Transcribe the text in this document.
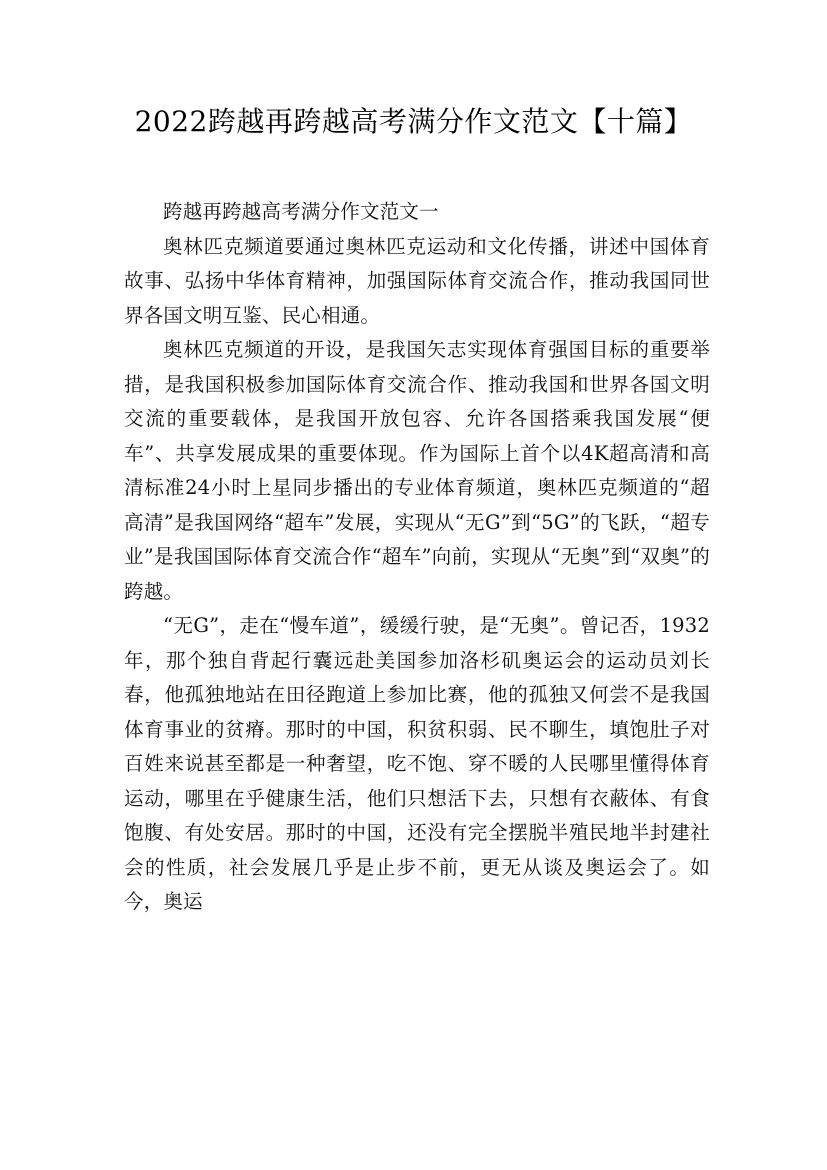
2022跨越再跨越高考满分作文范文【十篇】

跨越再跨越高考满分作文范文一

奥林匹克频道要通过奥林匹克运动和文化传播，讲述中国体育故事、弘扬中华体育精神，加强国际体育交流合作，推动我国同世界各国文明互鉴、民心相通。

奥林匹克频道的开设，是我国矢志实现体育强国目标的重要举措，是我国积极参加国际体育交流合作、推动我国和世界各国文明交流的重要载体，是我国开放包容、允许各国搭乘我国发展“便车”、共享发展成果的重要体现。作为国际上首个以4K超高清和高清标准24小时上星同步播出的专业体育频道，奥林匹克频道的“超高清”是我国网络“超车”发展，实现从“无G”到“5G”的飞跃，“超专业”是我国国际体育交流合作“超车”向前，实现从“无奥”到“双奥”的跨越。

“无G”，走在“慢车道”，缓缓行驶，是“无奥”。曾记否，1932年，那个独自背起行囊远赴美国参加洛杉矶奥运会的运动员刘长春，他孤独地站在田径跑道上参加比赛，他的孤独又何尝不是我国体育事业的贫瘠。那时的中国，积贫积弱、民不聊生，填饱肚子对百姓来说甚至都是一种奢望，吃不饱、穿不暖的人民哪里懂得体育运动，哪里在乎健康生活，他们只想活下去，只想有衣蔽体、有食饱腹、有处安居。那时的中国，还没有完全摆脱半殖民地半封建社会的性质，社会发展几乎是止步不前，更无从谈及奥运会了。如今，奥运
